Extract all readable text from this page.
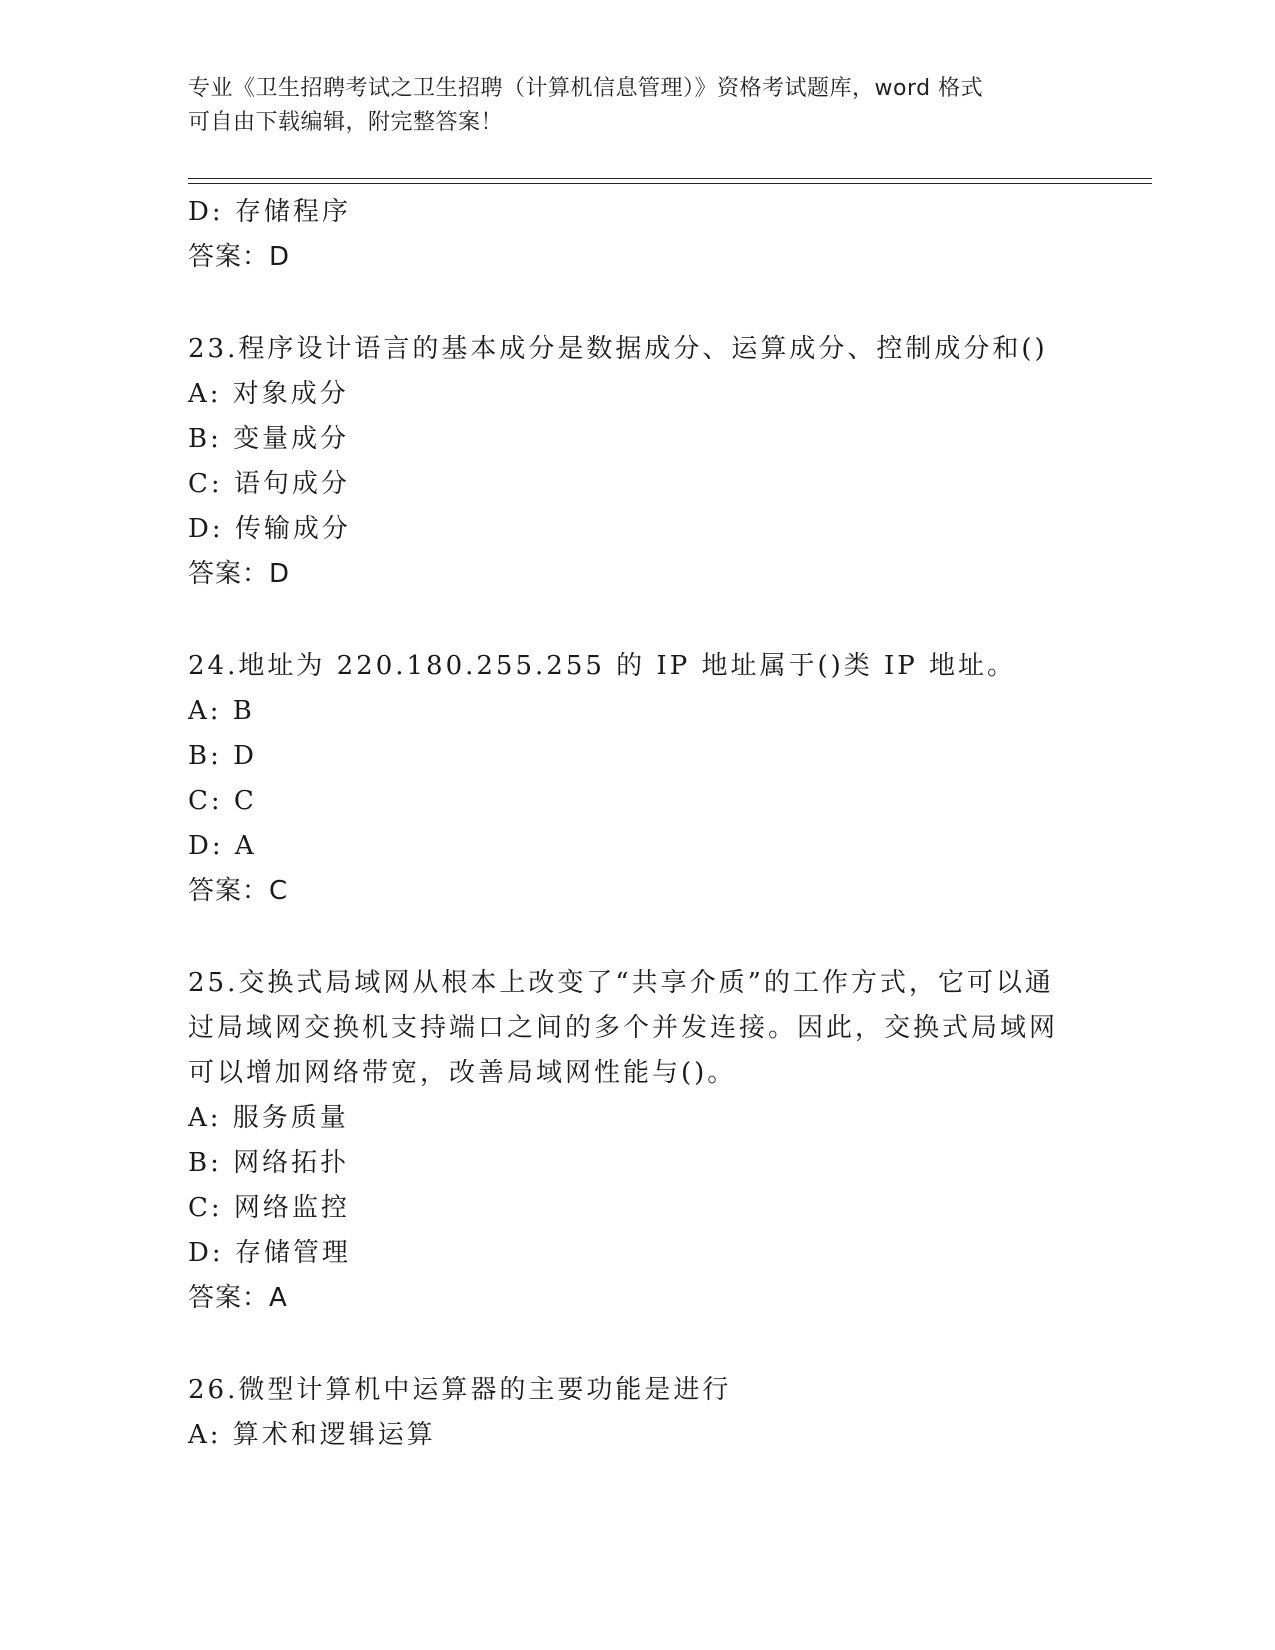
专业《卫生招聘考试之卫生招聘（计算机信息管理）》资格考试题库，word 格式
可自由下载编辑，附完整答案！
D: 存储程序
答案：D
23.程序设计语言的基本成分是数据成分、运算成分、控制成分和()
A: 对象成分
B: 变量成分
C: 语句成分
D: 传输成分
答案：D
24.地址为 220.180.255.255 的 IP 地址属于()类 IP 地址。
A: B
B: D
C: C
D: A
答案：C
25.交换式局域网从根本上改变了“共享介质”的工作方式，它可以通
过局域网交换机支持端口之间的多个并发连接。因此，交换式局域网
可以增加网络带宽，改善局域网性能与()。
A: 服务质量
B: 网络拓扑
C: 网络监控
D: 存储管理
答案：A
26.微型计算机中运算器的主要功能是进行
A: 算术和逻辑运算
